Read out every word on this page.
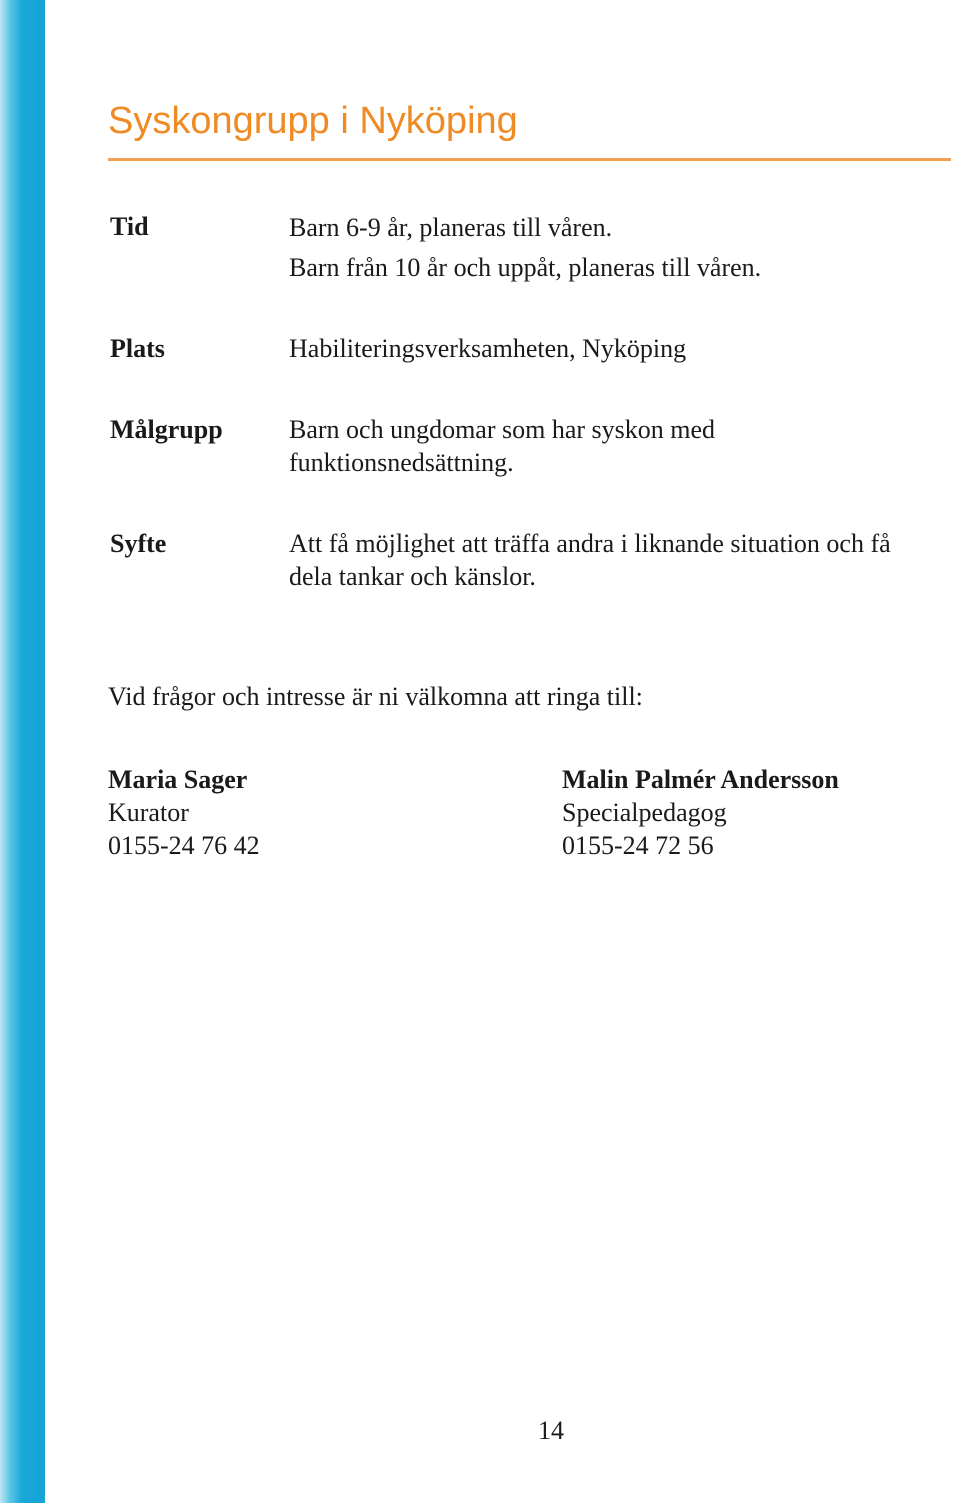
Syskongrupp i Nyköping
Tid	Barn 6-9 år, planeras till våren.
Barn från 10 år och uppåt, planeras till våren.
Plats	Habiliteringsverksamheten, Nyköping
Målgrupp	Barn och ungdomar som har syskon med
funktionsnedsättning.
Syfte	Att få möjlighet att träffa andra i liknande situation och få
dela tankar och känslor.
Vid frågor och intresse är ni välkomna att ringa till:
Maria Sager
Kurator
0155-24 76 42
Malin Palmér Andersson
Specialpedagog
0155-24 72 56
14
